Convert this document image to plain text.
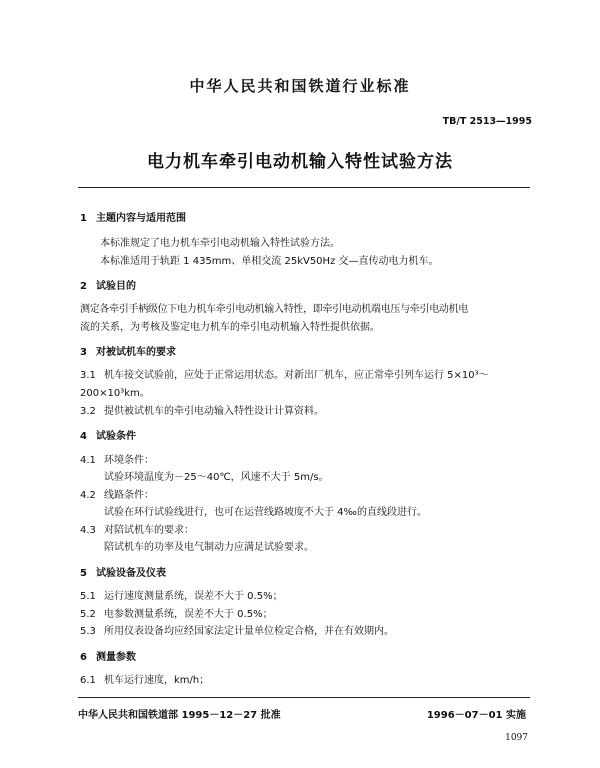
中华人民共和国铁道行业标准
TB/T 2513—1995
电力机车牵引电动机输入特性试验方法
1 主题内容与适用范围
本标准规定了电力机车牵引电动机输入特性试验方法。
本标准适用于轨距 1 435mm、单相交流 25kV50Hz 交—直传动电力机车。
2 试验目的
测定各牵引手柄级位下电力机车牵引电动机输入特性，即牵引电动机端电压与牵引电动机电
流的关系，为考核及鉴定电力机车的牵引电动机输入特性提供依据。
3 对被试机车的要求
3.1 机车接交试验前，应处于正常运用状态。对新出厂机车，应正常牵引列车运行 5×10³～
200×10³km。
3.2 提供被试机车的牵引电动输入特性设计计算资料。
4 试验条件
4.1 环境条件：
试验环境温度为－25～40℃，风速不大于 5m/s。
4.2 线路条件：
试验在环行试验线进行，也可在运营线路坡度不大于 4‰的直线段进行。
4.3 对陪试机车的要求：
陪试机车的功率及电气制动力应满足试验要求。
5 试验设备及仪表
5.1 运行速度测量系统，误差不大于 0.5%；
5.2 电参数测量系统，误差不大于 0.5%；
5.3 所用仪表设备均应经国家法定计量单位检定合格，并在有效期内。
6 测量参数
6.1 机车运行速度，km/h；
中华人民共和国铁道部 1995－12－27 批准	1996－07－01 实施
1097
